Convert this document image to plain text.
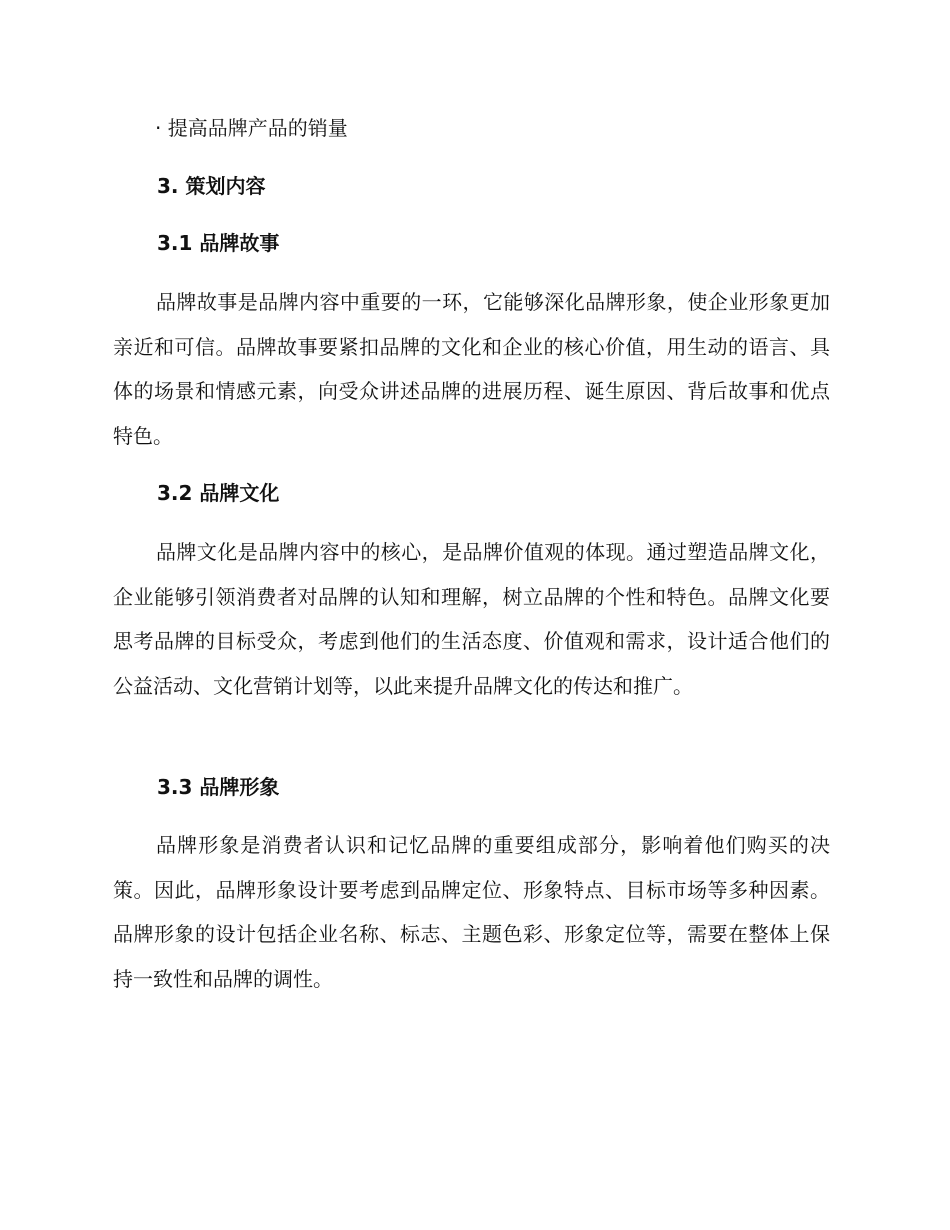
· 提高品牌产品的销量
3. 策划内容
3.1 品牌故事

品牌故事是品牌内容中重要的一环，它能够深化品牌形象，使企业形象更加亲近和可信。品牌故事要紧扣品牌的文化和企业的核心价值，用生动的语言、具体的场景和情感元素，向受众讲述品牌的进展历程、诞生原因、背后故事和优点特色。

3.2 品牌文化

品牌文化是品牌内容中的核心，是品牌价值观的体现。通过塑造品牌文化，企业能够引领消费者对品牌的认知和理解，树立品牌的个性和特色。品牌文化要思考品牌的目标受众，考虑到他们的生活态度、价值观和需求，设计适合他们的公益活动、文化营销计划等，以此来提升品牌文化的传达和推广。

3.3 品牌形象

品牌形象是消费者认识和记忆品牌的重要组成部分，影响着他们购买的决策。因此，品牌形象设计要考虑到品牌定位、形象特点、目标市场等多种因素。品牌形象的设计包括企业名称、标志、主题色彩、形象定位等，需要在整体上保持一致性和品牌的调性。
